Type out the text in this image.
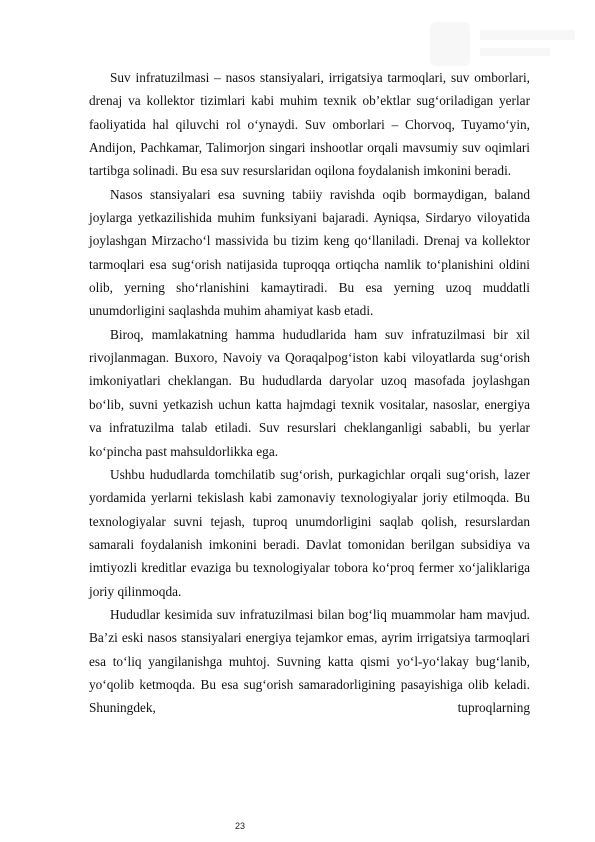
Suv infratuzilmasi – nasos stansiyalari, irrigatsiya tarmoqlari, suv omborlari, drenaj va kollektor tizimlari kabi muhim texnik ob’ektlar sug‘oriladigan yerlar faoliyatida hal qiluvchi rol o‘ynaydi. Suv omborlari – Chorvoq, Tuyamo‘yin, Andijon, Pachkamar, Talimorjon singari inshootlar orqali mavsumiy suv oqimlari tartibga solinadi. Bu esa suv resurslaridan oqilona foydalanish imkonini beradi.

Nasos stansiyalari esa suvning tabiiy ravishda oqib bormaydigan, baland joylarga yetkazilishida muhim funksiyani bajaradi. Ayniqsa, Sirdaryo viloyatida joylashgan Mirzacho‘l massivida bu tizim keng qo‘llaniladi. Drenaj va kollektor tarmoqlari esa sug‘orish natijasida tuproqqa ortiqcha namlik to‘planishini oldini olib, yerning sho‘rlanishini kamaytiradi. Bu esa yerning uzoq muddatli unumdorligini saqlashda muhim ahamiyat kasb etadi.

Biroq, mamlakatning hamma hududlarida ham suv infratuzilmasi bir xil rivojlanmagan. Buxoro, Navoiy va Qoraqalpog‘iston kabi viloyatlarda sug‘orish imkoniyatlari cheklangan. Bu hududlarda daryolar uzoq masofada joylashgan bo‘lib, suvni yetkazish uchun katta hajmdagi texnik vositalar, nasoslar, energiya va infratuzilma talab etiladi. Suv resurslari cheklanganligi sababli, bu yerlar ko‘pincha past mahsuldorlikka ega.

Ushbu hududlarda tomchilatib sug‘orish, purkagichlar orqali sug‘orish, lazer yordamida yerlarni tekislash kabi zamonaviy texnologiyalar joriy etilmoqda. Bu texnologiyalar suvni tejash, tuproq unumdorligini saqlab qolish, resurslardan samarali foydalanish imkonini beradi. Davlat tomonidan berilgan subsidiya va imtiyozli kreditlar evaziga bu texnologiyalar tobora ko‘proq fermer xo‘jaliklariga joriy qilinmoqda.

Hududlar kesimida suv infratuzilmasi bilan bog‘liq muammolar ham mavjud. Ba’zi eski nasos stansiyalari energiya tejamkor emas, ayrim irrigatsiya tarmoqlari esa to‘liq yangilanishga muhtoj. Suvning katta qismi yo‘l-yo‘lakay bug‘lanib, yo‘qolib ketmoqda. Bu esa sug‘orish samaradorligining pasayishiga olib keladi. Shuningdek, tuproqlarning

23
